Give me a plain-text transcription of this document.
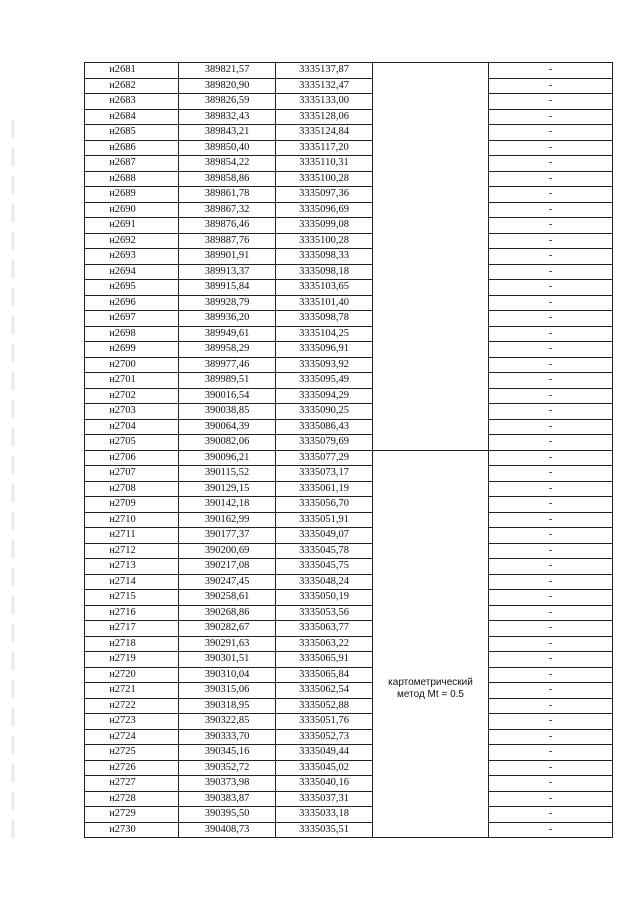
н2681	389821,57	3335137,87		-
н2682	389820,90	3335132,47		-
н2683	389826,59	3335133,00		-
н2684	389832,43	3335128,06		-
н2685	389843,21	3335124,84		-
н2686	389850,40	3335117,20		-
н2687	389854,22	3335110,31		-
н2688	389858,86	3335100,28		-
н2689	389861,78	3335097,36		-
н2690	389867,32	3335096,69		-
н2691	389876,46	3335099,08		-
н2692	389887,76	3335100,28		-
н2693	389901,91	3335098,33		-
н2694	389913,37	3335098,18		-
н2695	389915,84	3335103,65		-
н2696	389928,79	3335101,40		-
н2697	389936,20	3335098,78		-
н2698	389949,61	3335104,25		-
н2699	389958,29	3335096,91		-
н2700	389977,46	3335093,92		-
н2701	389989,51	3335095,49		-
н2702	390016,54	3335094,29		-
н2703	390038,85	3335090,25		-
н2704	390064,39	3335086,43		-
н2705	390082,06	3335079,69		-
н2706	390096,21	3335077,29	картометрический
метод Mt = 0.5	-
н2707	390115,52	3335073,17		-
н2708	390129,15	3335061,19		-
н2709	390142,18	3335056,70		-
н2710	390162,99	3335051,91		-
н2711	390177,37	3335049,07		-
н2712	390200,69	3335045,78		-
н2713	390217,08	3335045,75		-
н2714	390247,45	3335048,24		-
н2715	390258,61	3335050,19		-
н2716	390268,86	3335053,56		-
н2717	390282,67	3335063,77		-
н2718	390291,63	3335063,22		-
н2719	390301,51	3335065,91		-
н2720	390310,04	3335065,84		-
н2721	390315,06	3335062,54		-
н2722	390318,95	3335052,88		-
н2723	390322,85	3335051,76		-
н2724	390333,70	3335052,73		-
н2725	390345,16	3335049,44		-
н2726	390352,72	3335045,02		-
н2727	390373,98	3335040,16		-
н2728	390383,87	3335037,31		-
н2729	390395,50	3335033,18		-
н2730	390408,73	3335035,51		-
